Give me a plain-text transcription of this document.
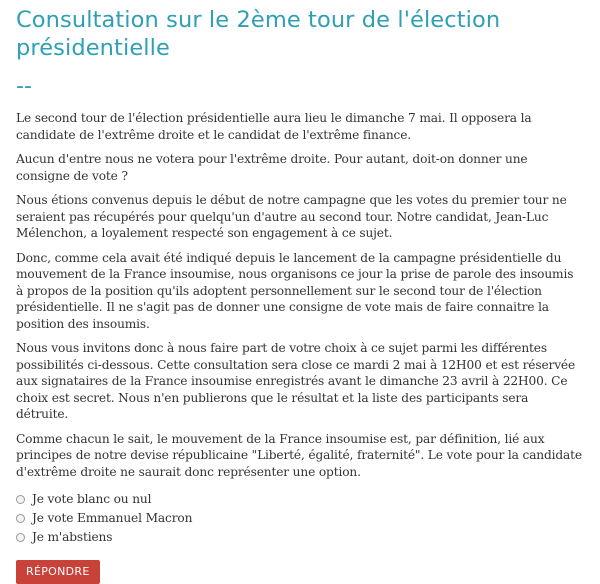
Consultation sur le 2ème tour de l'élection présidentielle
--

Le second tour de l'élection présidentielle aura lieu le dimanche 7 mai. Il opposera la candidate de l'extrême droite et le candidat de l'extrême finance.

Aucun d'entre nous ne votera pour l'extrême droite. Pour autant, doit-on donner une consigne de vote ?

Nous étions convenus depuis le début de notre campagne que les votes du premier tour ne seraient pas récupérés pour quelqu'un d'autre au second tour. Notre candidat, Jean-Luc Mélenchon, a loyalement respecté son engagement à ce sujet.

Donc, comme cela avait été indiqué depuis le lancement de la campagne présidentielle du mouvement de la France insoumise, nous organisons ce jour la prise de parole des insoumis à propos de la position qu'ils adoptent personnellement sur le second tour de l'élection présidentielle. Il ne s'agit pas de donner une consigne de vote mais de faire connaitre la position des insoumis.

Nous vous invitons donc à nous faire part de votre choix à ce sujet parmi les différentes possibilités ci-dessous. Cette consultation sera close ce mardi 2 mai à 12H00 et est réservée aux signataires de la France insoumise enregistrés avant le dimanche 23 avril à 22H00. Ce choix est secret. Nous n'en publierons que le résultat et la liste des participants sera détruite.

Comme chacun le sait, le mouvement de la France insoumise est, par définition, lié aux principes de notre devise républicaine "Liberté, égalité, fraternité". Le vote pour la candidate d'extrême droite ne saurait donc représenter une option.

Je vote blanc ou nul
Je vote Emmanuel Macron
Je m'abstiens
RÉPONDRE
